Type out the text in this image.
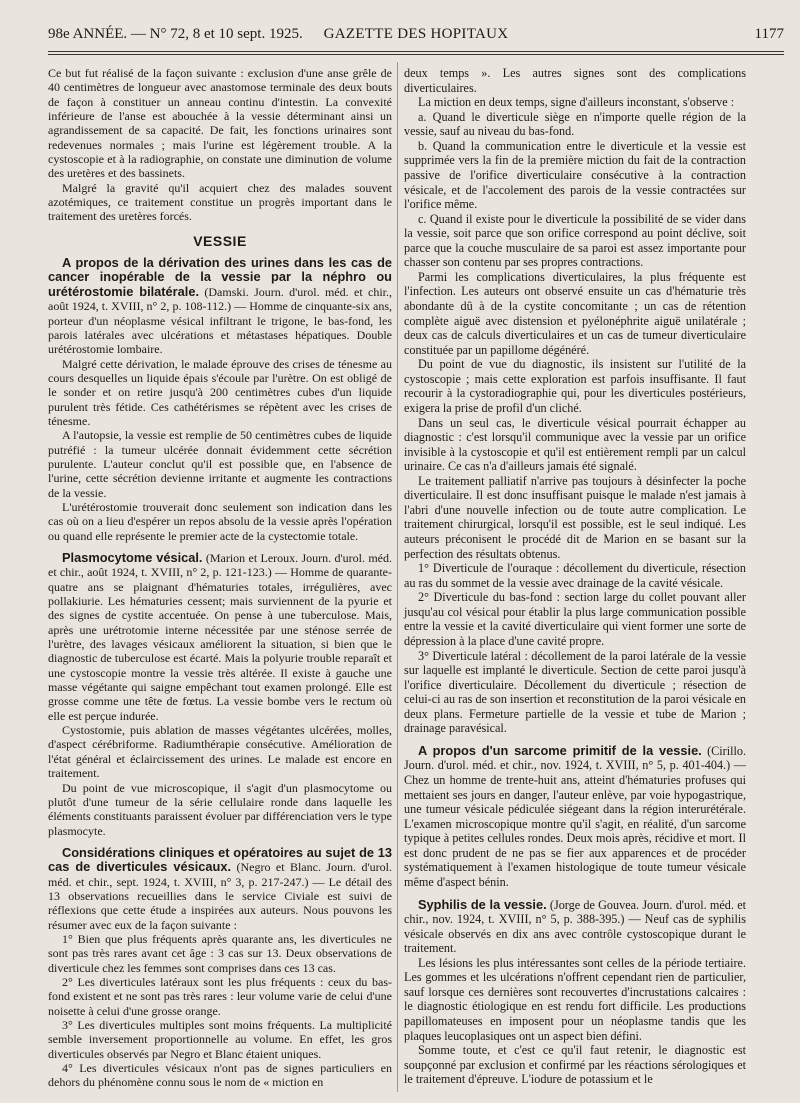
98e ANNÉE. — N° 72, 8 et 10 sept. 1925.	GAZETTE DES HOPITAUX	1177

Ce but fut réalisé de la façon suivante : exclusion d'une anse grêle de 40 centimètres de longueur avec anastomose terminale des deux bouts de façon à constituer un anneau continu d'intestin. La convexité inférieure de l'anse est abouchée à la vessie déterminant ainsi un agrandissement de sa capacité. De fait, les fonctions urinaires sont redevenues normales ; mais l'urine est légèrement trouble. A la cystoscopie et à la radiographie, on constate une diminution de volume des uretères et des bassinets.

Malgré la gravité qu'il acquiert chez des malades souvent azotémiques, ce traitement constitue un progrès important dans le traitement des uretères forcés.

VESSIE

A propos de la dérivation des urines dans les cas de cancer inopérable de la vessie par la néphro ou urétérostomie bilatérale. (Damski. Journ. d'urol. méd. et chir., août 1924, t. XVIII, n° 2, p. 108-112.) — Homme de cinquante-six ans, porteur d'un néoplasme vésical infiltrant le trigone, le bas-fond, les parois latérales avec ulcérations et métastases hépatiques. Double urétérostomie lombaire.

Malgré cette dérivation, le malade éprouve des crises de ténesme au cours desquelles un liquide épais s'écoule par l'urètre. On est obligé de le sonder et on retire jusqu'à 200 centimètres cubes d'un liquide purulent très fétide. Ces cathétérismes se répètent avec les crises de ténesme.

A l'autopsie, la vessie est remplie de 50 centimètres cubes de liquide putréfié : la tumeur ulcérée donnait évidemment cette sécrétion purulente. L'auteur conclut qu'il est possible que, en l'absence de l'urine, cette sécrétion devienne irritante et augmente les contractions de la vessie.

L'urétérostomie trouverait donc seulement son indication dans les cas où on a lieu d'espérer un repos absolu de la vessie après l'opération ou quand elle représente le premier acte de la cystectomie totale.

Plasmocytome vésical. (Marion et Leroux. Journ. d'urol. méd. et chir., août 1924, t. XVIII, n° 2, p. 121-123.) — Homme de quarante-quatre ans se plaignant d'hématuries totales, irrégulières, avec pollakiurie. Les hématuries cessent; mais surviennent de la pyurie et des signes de cystite accentuée. On pense à une tuberculose. Mais, après une urétrotomie interne nécessitée par une sténose serrée de l'urètre, des lavages vésicaux améliorent la situation, si bien que le diagnostic de tuberculose est écarté. Mais la polyurie trouble reparaît et une cystoscopie montre la vessie très altérée. Il existe à gauche une masse végétante qui saigne empêchant tout examen prolongé. Elle est grosse comme une tête de fœtus. La vessie bombe vers le rectum où elle est perçue indurée.

Cystostomie, puis ablation de masses végétantes ulcérées, molles, d'aspect cérébriforme. Radiumthérapie consécutive. Amélioration de l'état général et éclaircissement des urines. Le malade est encore en traitement.

Du point de vue microscopique, il s'agit d'un plasmocytome ou plutôt d'une tumeur de la série cellulaire ronde dans laquelle les éléments constituants paraissent évoluer par différenciation vers le type plasmocyte.

Considérations cliniques et opératoires au sujet de 13 cas de diverticules vésicaux. (Negro et Blanc. Journ. d'urol. méd. et chir., sept. 1924, t. XVIII, n° 3, p. 217-247.) — Le détail des 13 observations recueillies dans le service Civiale est suivi de réflexions que cette étude a inspirées aux auteurs. Nous pouvons les résumer avec eux de la façon suivante :

1° Bien que plus fréquents après quarante ans, les diverticules ne sont pas très rares avant cet âge : 3 cas sur 13. Deux observations de diverticule chez les femmes sont comprises dans ces 13 cas.

2° Les diverticules latéraux sont les plus fréquents : ceux du bas-fond existent et ne sont pas très rares : leur volume varie de celui d'une noisette à celui d'une grosse orange.

3° Les diverticules multiples sont moins fréquents. La multiplicité semble inversement proportionnelle au volume. En effet, les gros diverticules observés par Negro et Blanc étaient uniques.

4° Les diverticules vésicaux n'ont pas de signes particuliers en dehors du phénomène connu sous le nom de « miction en

deux temps ». Les autres signes sont des complications diverticulaires.

La miction en deux temps, signe d'ailleurs inconstant, s'observe :

a. Quand le diverticule siège en n'importe quelle région de la vessie, sauf au niveau du bas-fond.

b. Quand la communication entre le diverticule et la vessie est supprimée vers la fin de la première miction du fait de la contraction passive de l'orifice diverticulaire consécutive à la contraction vésicale, et de l'accolement des parois de la vessie contractées sur l'orifice même.

c. Quand il existe pour le diverticule la possibilité de se vider dans la vessie, soit parce que son orifice correspond au point déclive, soit parce que la couche musculaire de sa paroi est assez importante pour chasser son contenu par ses propres contractions.

Parmi les complications diverticulaires, la plus fréquente est l'infection. Les auteurs ont observé ensuite un cas d'hématurie très abondante dû à de la cystite concomitante ; un cas de rétention complète aiguë avec distension et pyélonéphrite aiguë unilatérale ; deux cas de calculs diverticulaires et un cas de tumeur diverticulaire constituée par un papillome dégénéré.

Du point de vue du diagnostic, ils insistent sur l'utilité de la cystoscopie ; mais cette exploration est parfois insuffisante. Il faut recourir à la cystoradiographie qui, pour les diverticules postérieurs, exigera la prise de profil d'un cliché.

Dans un seul cas, le diverticule vésical pourrait échapper au diagnostic : c'est lorsqu'il communique avec la vessie par un orifice invisible à la cystoscopie et qu'il est entièrement rempli par un calcul urinaire. Ce cas n'a d'ailleurs jamais été signalé.

Le traitement palliatif n'arrive pas toujours à désinfecter la poche diverticulaire. Il est donc insuffisant puisque le malade n'est jamais à l'abri d'une nouvelle infection ou de toute autre complication. Le traitement chirurgical, lorsqu'il est possible, est le seul indiqué. Les auteurs préconisent le procédé dit de Marion en se basant sur la perfection des résultats obtenus.

1° Diverticule de l'ouraque : décollement du diverticule, résection au ras du sommet de la vessie avec drainage de la cavité vésicale.

2° Diverticule du bas-fond : section large du collet pouvant aller jusqu'au col vésical pour établir la plus large communication possible entre la vessie et la cavité diverticulaire qui vient former une sorte de dépression à la place d'une cavité propre.

3° Diverticule latéral : décollement de la paroi latérale de la vessie sur laquelle est implanté le diverticule. Section de cette paroi jusqu'à l'orifice diverticulaire. Décollement du diverticule ; résection de celui-ci au ras de son insertion et reconstitution de la paroi vésicale en deux plans. Fermeture partielle de la vessie et tube de Marion ; drainage paravésical.

A propos d'un sarcome primitif de la vessie. (Cirillo. Journ. d'urol. méd. et chir., nov. 1924, t. XVIII, n° 5, p. 401-404.) — Chez un homme de trente-huit ans, atteint d'hématuries profuses qui mettaient ses jours en danger, l'auteur enlève, par voie hypogastrique, une tumeur vésicale pédiculée siégeant dans la région interurétérale. L'examen microscopique montre qu'il s'agit, en réalité, d'un sarcome typique à petites cellules rondes. Deux mois après, récidive et mort. Il est donc prudent de ne pas se fier aux apparences et de procéder systématiquement à l'examen histologique de toute tumeur vésicale même d'aspect bénin.

Syphilis de la vessie. (Jorge de Gouvea. Journ. d'urol. méd. et chir., nov. 1924, t. XVIII, n° 5, p. 388-395.) — Neuf cas de syphilis vésicale observés en dix ans avec contrôle cystoscopique durant le traitement.

Les lésions les plus intéressantes sont celles de la période tertiaire. Les gommes et les ulcérations n'offrent cependant rien de particulier, sauf lorsque ces dernières sont recouvertes d'incrustations calcaires : le diagnostic étiologique en est rendu fort difficile. Les productions papillomateuses en imposent pour un néoplasme tandis que les plaques leucoplasiques ont un aspect bien défini.

Somme toute, et c'est ce qu'il faut retenir, le diagnostic est soupçonné par exclusion et confirmé par les réactions sérologiques et le traitement d'épreuve. L'iodure de potassium et le
